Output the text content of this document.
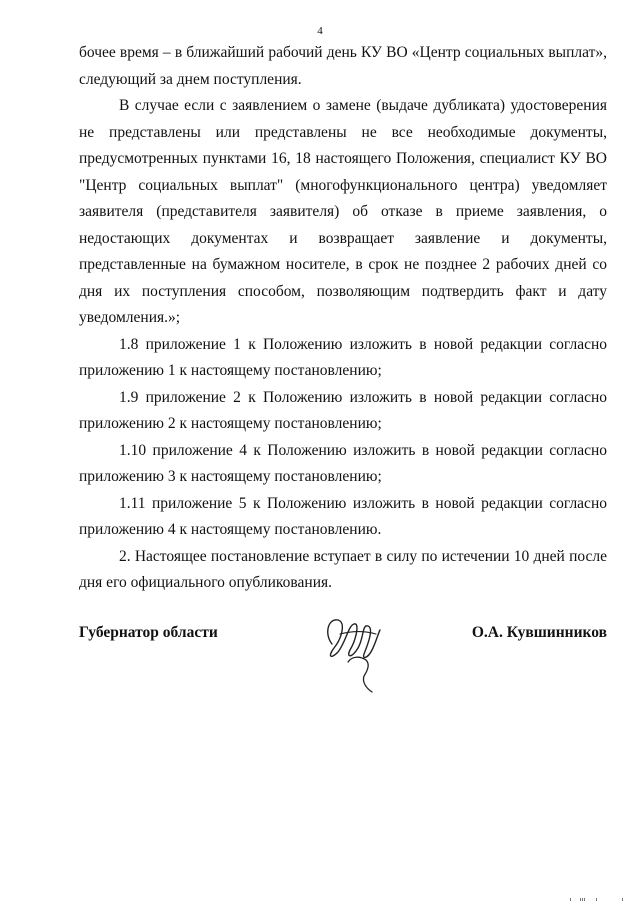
4

бочее время – в ближайший рабочий день КУ ВО «Центр социальных выплат», следующий за днем поступления.

В случае если с заявлением о замене (выдаче дубликата) удостоверения не представлены или представлены не все необходимые документы, предусмотренных пунктами 16, 18 настоящего Положения, специалист КУ ВО "Центр социальных выплат" (многофункционального центра) уведомляет заявителя (представителя заявителя) об отказе в приеме заявления, о недостающих документах и возвращает заявление и документы, представленные на бумажном носителе, в срок не позднее 2 рабочих дней со дня их поступления способом, позволяющим подтвердить факт и дату уведомления.»;

1.8 приложение 1 к Положению изложить в новой редакции согласно приложению 1 к настоящему постановлению;

1.9 приложение 2 к Положению изложить в новой редакции согласно приложению 2 к настоящему постановлению;

1.10 приложение 4 к Положению изложить в новой редакции согласно приложению 3 к настоящему постановлению;

1.11 приложение 5 к Положению изложить в новой редакции согласно приложению 4 к настоящему постановлению.

2. Настоящее постановление вступает в силу по истечении 10 дней после дня его официального опубликования.

Губернатор области	О.А. Кувшинников
